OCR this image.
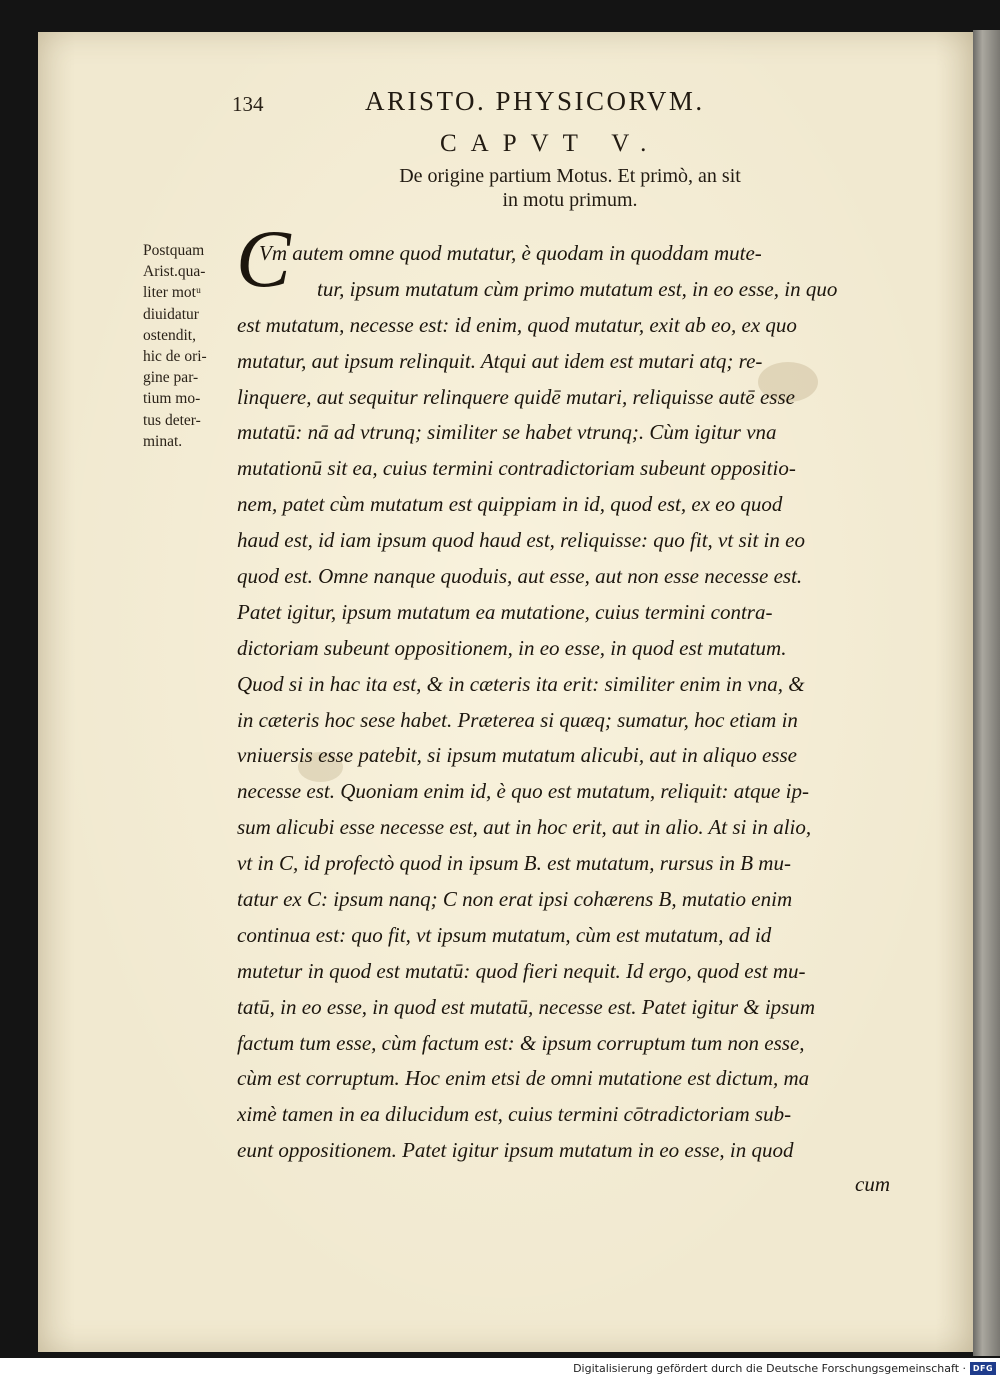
134	ARISTO. PHYSICORVM.
CAPVT V.
De origine partium Motus. Et primò, an sit
in motu primum.
Postquam
Arist.qua-
liter motᵘ
diuidatur
ostendit,
hic de ori-
gine par-
tium mo-
tus deter-
minat.
C
Vm autem omne quod mutatur, è quodam in quoddam mute-
tur, ipsum mutatum cùm primo mutatum est, in eo esse, in quo
est mutatum, necesse est: id enim, quod mutatur, exit ab eo, ex quo
mutatur, aut ipsum relinquit. Atqui aut idem est mutari atq; re-
linquere, aut sequitur relinquere quidē mutari, reliquisse autē esse
mutatū: nā ad vtrunq; similiter se habet vtrunq;. Cùm igitur vna
mutationū sit ea, cuius termini contradictoriam subeunt oppositio-
nem, patet cùm mutatum est quippiam in id, quod est, ex eo quod
haud est, id iam ipsum quod haud est, reliquisse: quo fit, vt sit in eo
quod est. Omne nanque quoduis, aut esse, aut non esse necesse est.
Patet igitur, ipsum mutatum ea mutatione, cuius termini contra-
dictoriam subeunt oppositionem, in eo esse, in quod est mutatum.
Quod si in hac ita est, & in cæteris ita erit: similiter enim in vna, &
in cæteris hoc sese habet. Præterea si quæq; sumatur, hoc etiam in
vniuersis esse patebit, si ipsum mutatum alicubi, aut in aliquo esse
necesse est. Quoniam enim id, è quo est mutatum, reliquit: atque ip-
sum alicubi esse necesse est, aut in hoc erit, aut in alio. At si in alio,
vt in C, id profectò quod in ipsum B. est mutatum, rursus in B mu-
tatur ex C: ipsum nanq; C non erat ipsi cohærens B, mutatio enim
continua est: quo fit, vt ipsum mutatum, cùm est mutatum, ad id
mutetur in quod est mutatū: quod fieri nequit. Id ergo, quod est mu-
tatū, in eo esse, in quod est mutatū, necesse est. Patet igitur & ipsum
factum tum esse, cùm factum est: & ipsum corruptum tum non esse,
cùm est corruptum. Hoc enim etsi de omni mutatione est dictum, ma
ximè tamen in ea dilucidum est, cuius termini cōtradictoriam sub-
eunt oppositionem. Patet igitur ipsum mutatum in eo esse, in quod
cum
Digitalisierung gefördert durch die Deutsche Forschungsgemeinschaft · DFG
